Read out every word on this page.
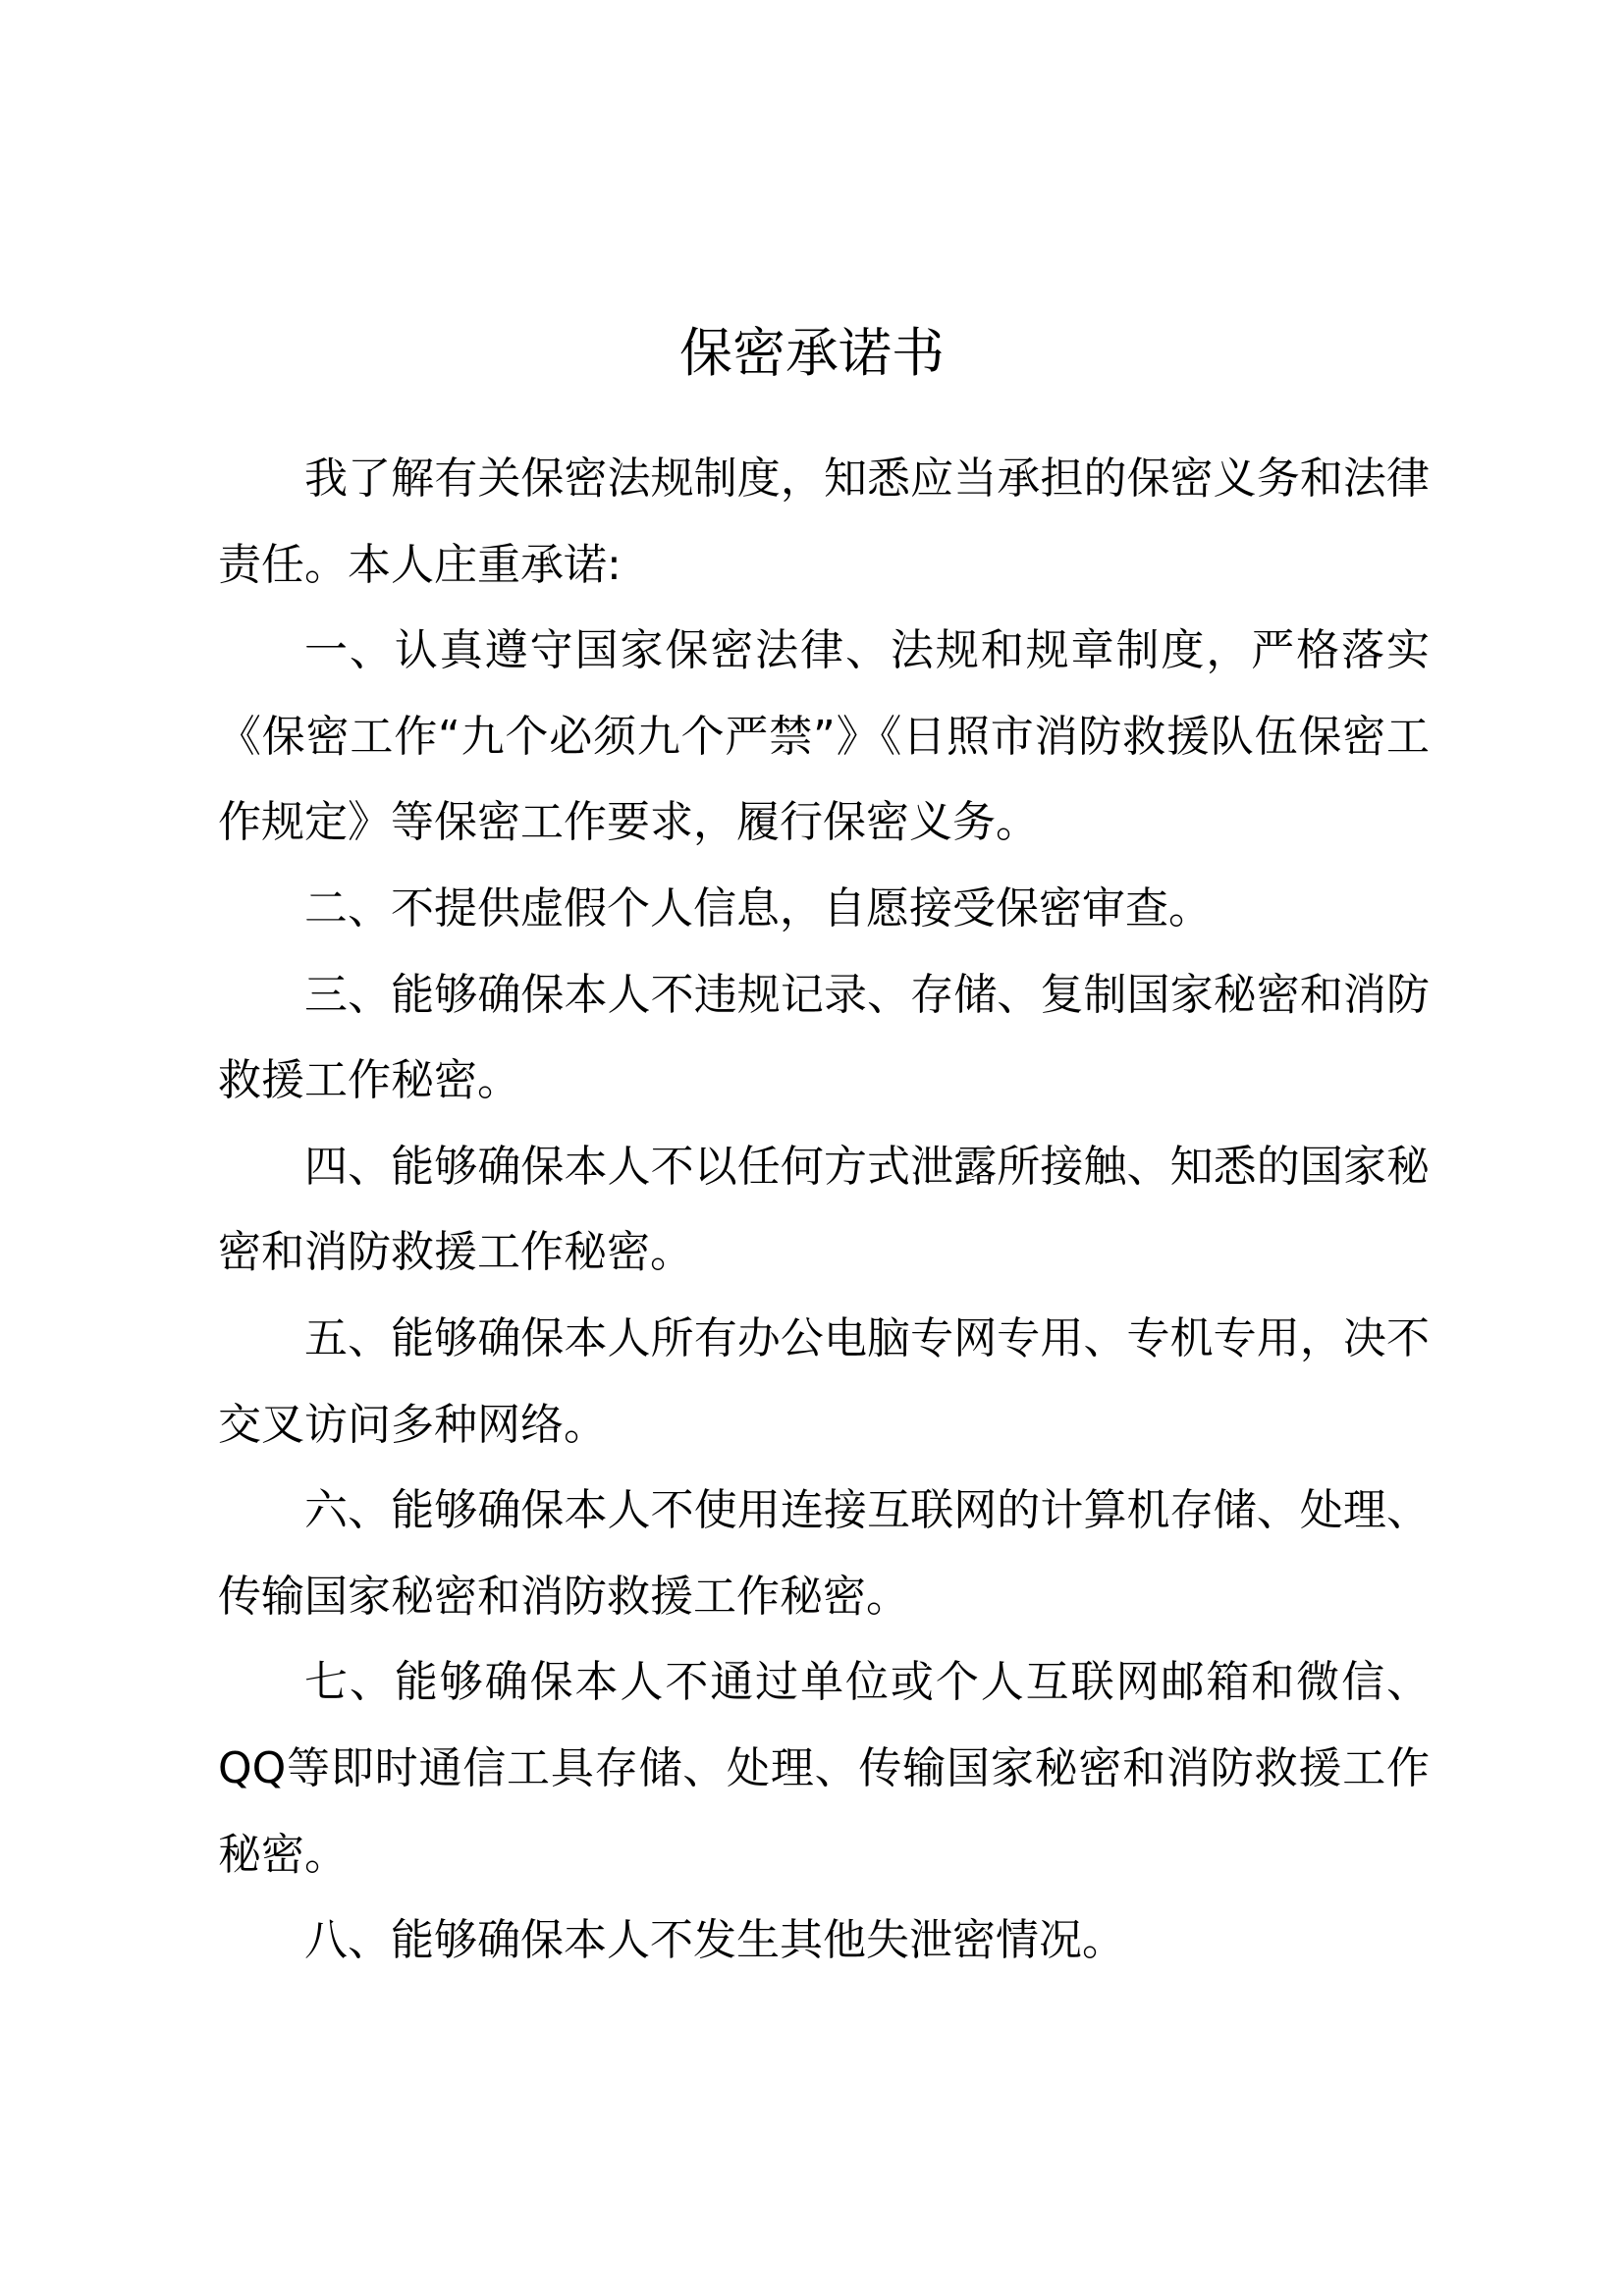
保密承诺书

我了解有关保密法规制度，知悉应当承担的保密义务和法律责任。本人庄重承诺:

一、认真遵守国家保密法律、法规和规章制度，严格落实《保密工作“九个必须九个严禁”》《日照市消防救援队伍保密工作规定》等保密工作要求，履行保密义务。

二、不提供虚假个人信息，自愿接受保密审查。

三、能够确保本人不违规记录、存储、复制国家秘密和消防救援工作秘密。

四、能够确保本人不以任何方式泄露所接触、知悉的国家秘密和消防救援工作秘密。

五、能够确保本人所有办公电脑专网专用、专机专用，决不交叉访问多种网络。

六、能够确保本人不使用连接互联网的计算机存储、处理、传输国家秘密和消防救援工作秘密。

七、能够确保本人不通过单位或个人互联网邮箱和微信、QQ等即时通信工具存储、处理、传输国家秘密和消防救援工作秘密。

八、能够确保本人不发生其他失泄密情况。
